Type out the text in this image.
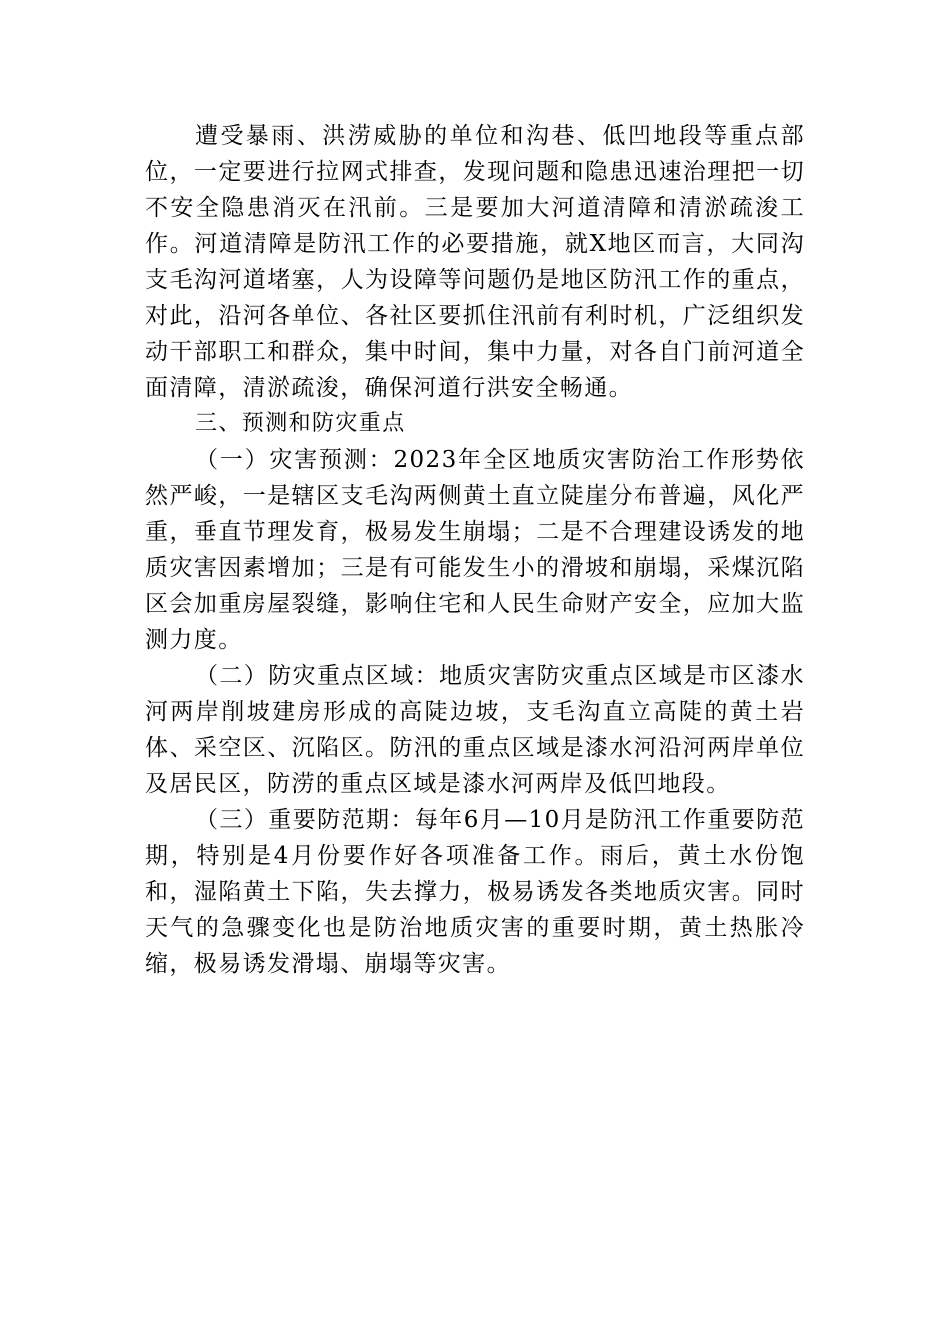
遭受暴雨、洪涝威胁的单位和沟巷、低凹地段等重点部位，一定要进行拉网式排查，发现问题和隐患迅速治理把一切不安全隐患消灭在汛前。三是要加大河道清障和清淤疏浚工作。河道清障是防汛工作的必要措施，就X地区而言，大同沟支毛沟河道堵塞，人为设障等问题仍是地区防汛工作的重点，对此，沿河各单位、各社区要抓住汛前有利时机，广泛组织发动干部职工和群众，集中时间，集中力量，对各自门前河道全面清障，清淤疏浚，确保河道行洪安全畅通。

三、预测和防灾重点

（一）灾害预测：2023年全区地质灾害防治工作形势依然严峻，一是辖区支毛沟两侧黄土直立陡崖分布普遍，风化严重，垂直节理发育，极易发生崩塌；二是不合理建设诱发的地质灾害因素增加；三是有可能发生小的滑坡和崩塌，采煤沉陷区会加重房屋裂缝，影响住宅和人民生命财产安全，应加大监测力度。

（二）防灾重点区域：地质灾害防灾重点区域是市区漆水河两岸削坡建房形成的高陡边坡，支毛沟直立高陡的黄土岩体、采空区、沉陷区。防汛的重点区域是漆水河沿河两岸单位及居民区，防涝的重点区域是漆水河两岸及低凹地段。

（三）重要防范期：每年6月—10月是防汛工作重要防范期，特别是4月份要作好各项准备工作。雨后，黄土水份饱和，湿陷黄土下陷，失去撑力，极易诱发各类地质灾害。同时天气的急骤变化也是防治地质灾害的重要时期，黄土热胀冷缩，极易诱发滑塌、崩塌等灾害。
